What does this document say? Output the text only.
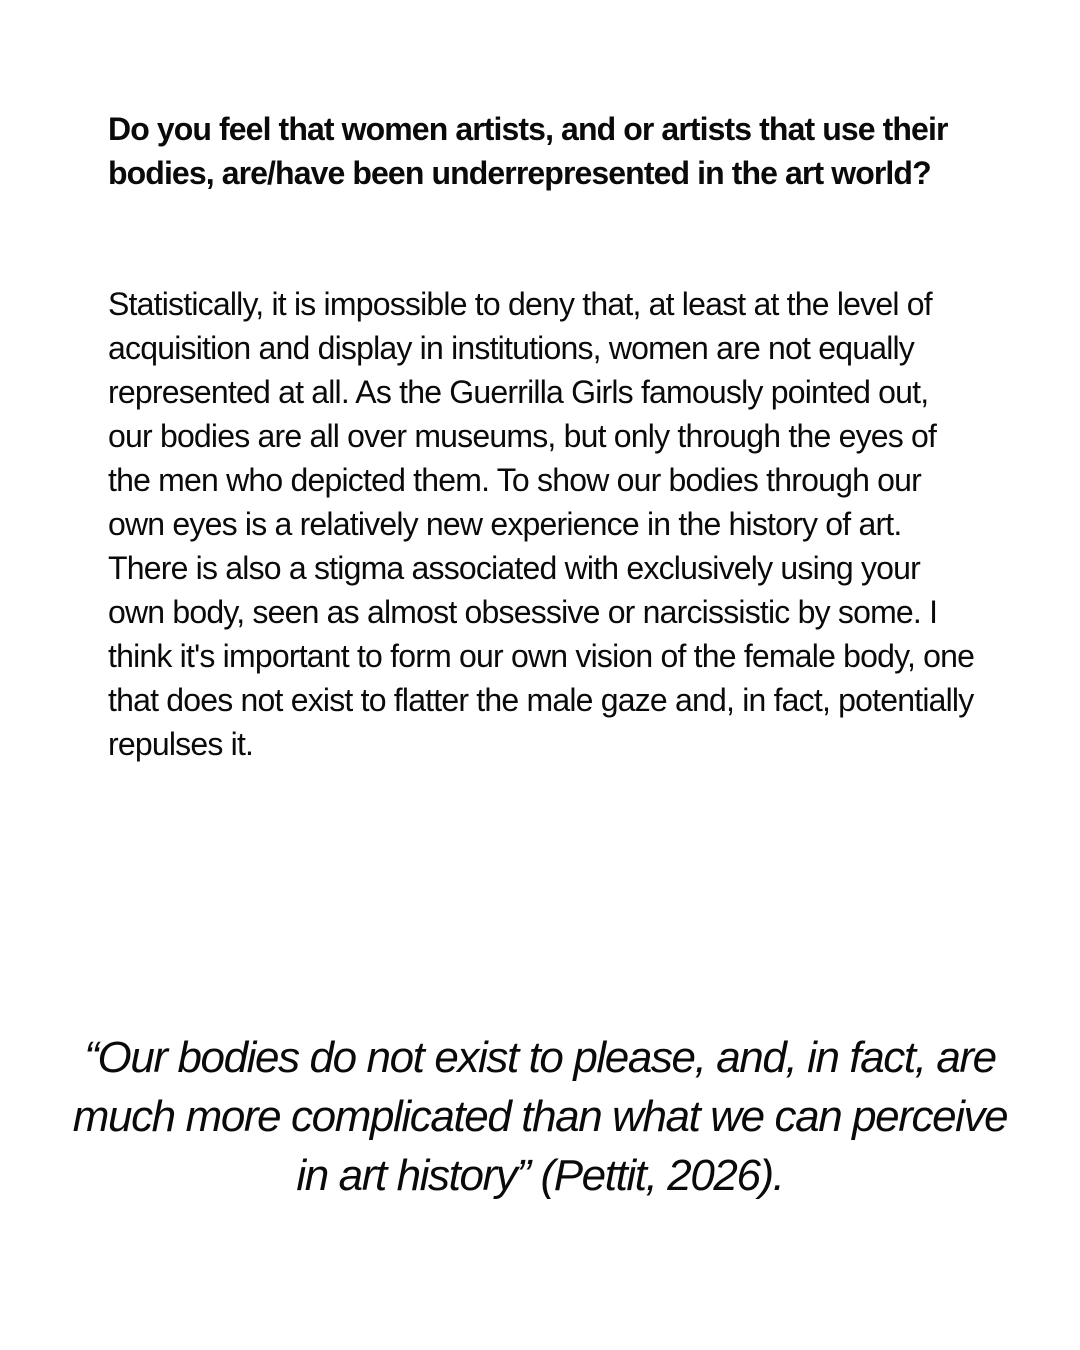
Do you feel that women artists, and or artists that use their bodies, are/have been underrepresented in the art world?

Statistically, it is impossible to deny that, at least at the level of acquisition and display in institutions, women are not equally represented at all. As the Guerrilla Girls famously pointed out, our bodies are all over museums, but only through the eyes of the men who depicted them. To show our bodies through our own eyes is a relatively new experience in the history of art. There is also a stigma associated with exclusively using your own body, seen as almost obsessive or narcissistic by some. I think it's important to form our own vision of the female body, one that does not exist to flatter the male gaze and, in fact, potentially repulses it.

“Our bodies do not exist to please, and, in fact, are much more complicated than what we can perceive in art history” (Pettit, 2026).
